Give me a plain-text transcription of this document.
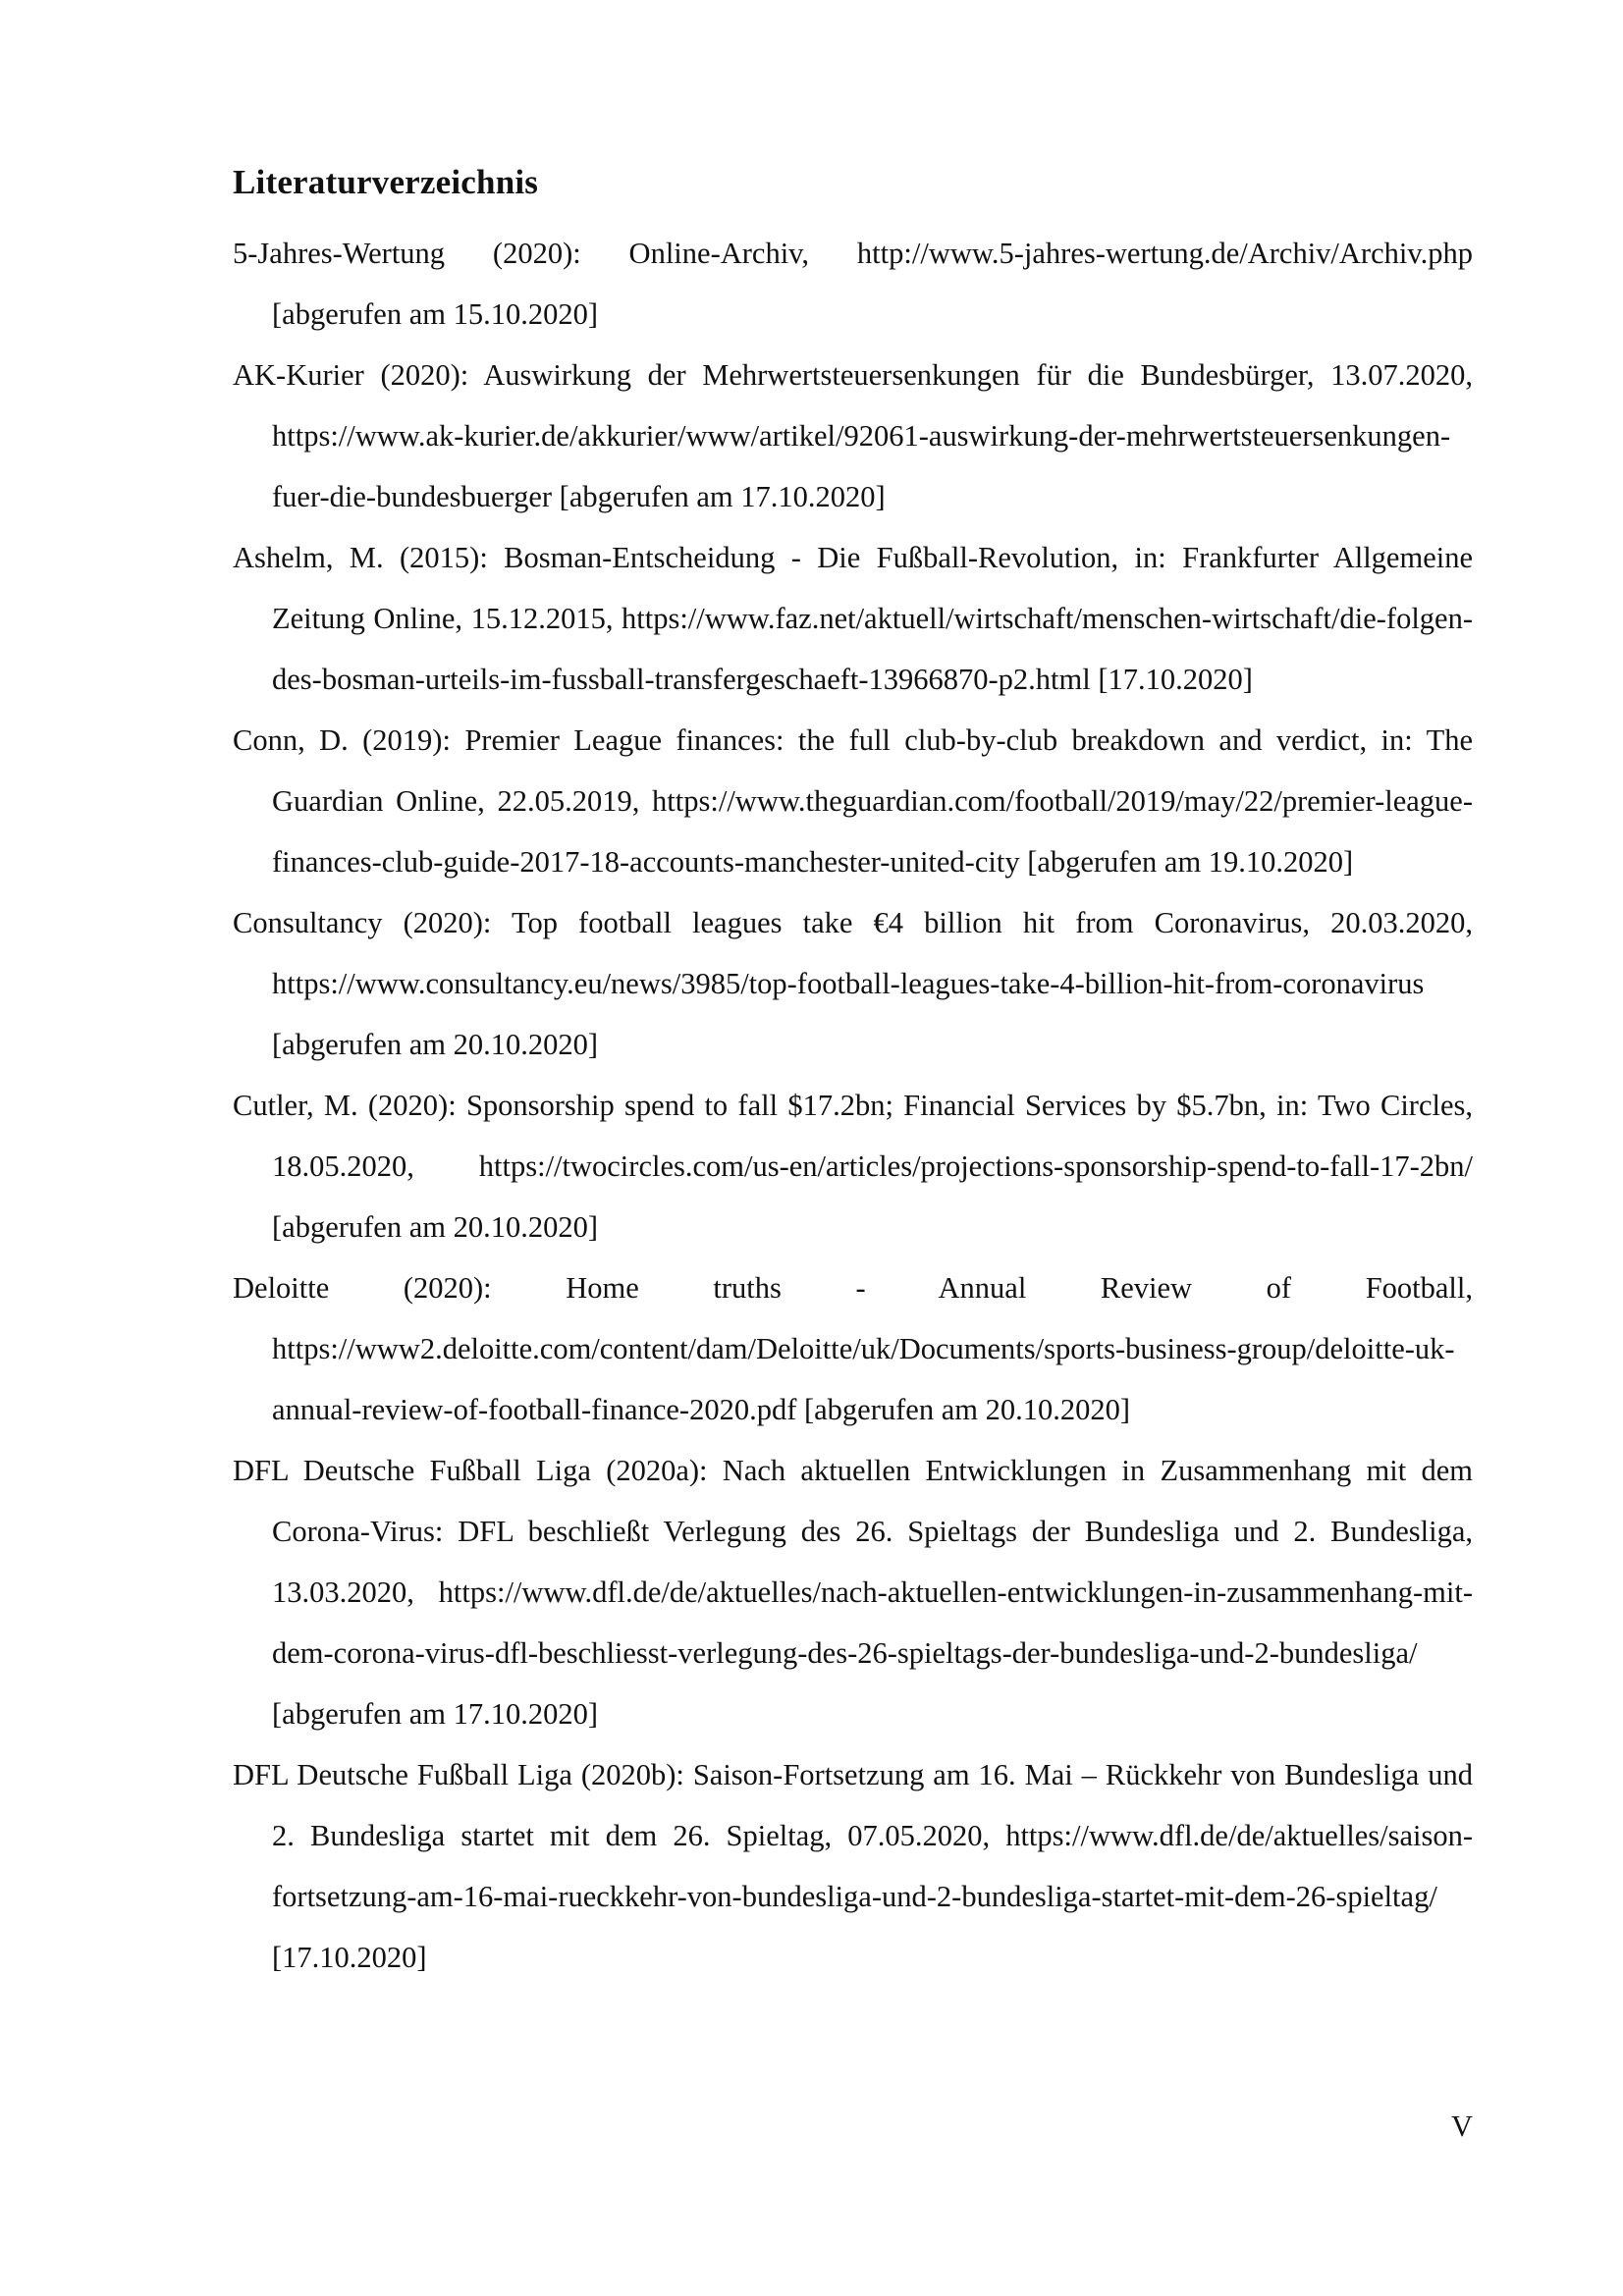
Literaturverzeichnis
5-Jahres-Wertung (2020): Online-Archiv, http://www.5-jahres-wertung.de/Archiv/Archiv.php [abgerufen am 15.10.2020]
AK-Kurier (2020): Auswirkung der Mehrwertsteuersenkungen für die Bundesbürger, 13.07.2020, https://www.ak-kurier.de/akkurier/www/artikel/92061-auswirkung-der-mehrwertsteuersenkungen-fuer-die-bundesbuerger [abgerufen am 17.10.2020]
Ashelm, M. (2015): Bosman-Entscheidung - Die Fußball-Revolution, in: Frankfurter Allgemeine Zeitung Online, 15.12.2015, https://www.faz.net/aktuell/wirtschaft/menschen-wirtschaft/die-folgen-des-bosman-urteils-im-fussball-transfergeschaeft-13966870-p2.html [17.10.2020]
Conn, D. (2019): Premier League finances: the full club-by-club breakdown and verdict, in: The Guardian Online, 22.05.2019, https://www.theguardian.com/football/2019/may/22/premier-league-finances-club-guide-2017-18-accounts-manchester-united-city [abgerufen am 19.10.2020]
Consultancy (2020): Top football leagues take €4 billion hit from Coronavirus, 20.03.2020, https://www.consultancy.eu/news/3985/top-football-leagues-take-4-billion-hit-from-coronavirus [abgerufen am 20.10.2020]
Cutler, M. (2020): Sponsorship spend to fall $17.2bn; Financial Services by $5.7bn, in: Two Circles, 18.05.2020, https://twocircles.com/us-en/articles/projections-sponsorship-spend-to-fall-17-2bn/ [abgerufen am 20.10.2020]
Deloitte (2020): Home truths - Annual Review of Football, https://www2.deloitte.com/content/dam/Deloitte/uk/Documents/sports-business-group/deloitte-uk-annual-review-of-football-finance-2020.pdf [abgerufen am 20.10.2020]
DFL Deutsche Fußball Liga (2020a): Nach aktuellen Entwicklungen in Zusammenhang mit dem Corona-Virus: DFL beschließt Verlegung des 26. Spieltags der Bundesliga und 2. Bundesliga, 13.03.2020, https://www.dfl.de/de/aktuelles/nach-aktuellen-entwicklungen-in-zusammenhang-mit-dem-corona-virus-dfl-beschliesst-verlegung-des-26-spieltags-der-bundesliga-und-2-bundesliga/ [abgerufen am 17.10.2020]
DFL Deutsche Fußball Liga (2020b): Saison-Fortsetzung am 16. Mai – Rückkehr von Bundesliga und 2. Bundesliga startet mit dem 26. Spieltag, 07.05.2020, https://www.dfl.de/de/aktuelles/saison-fortsetzung-am-16-mai-rueckkehr-von-bundesliga-und-2-bundesliga-startet-mit-dem-26-spieltag/ [17.10.2020]
V
